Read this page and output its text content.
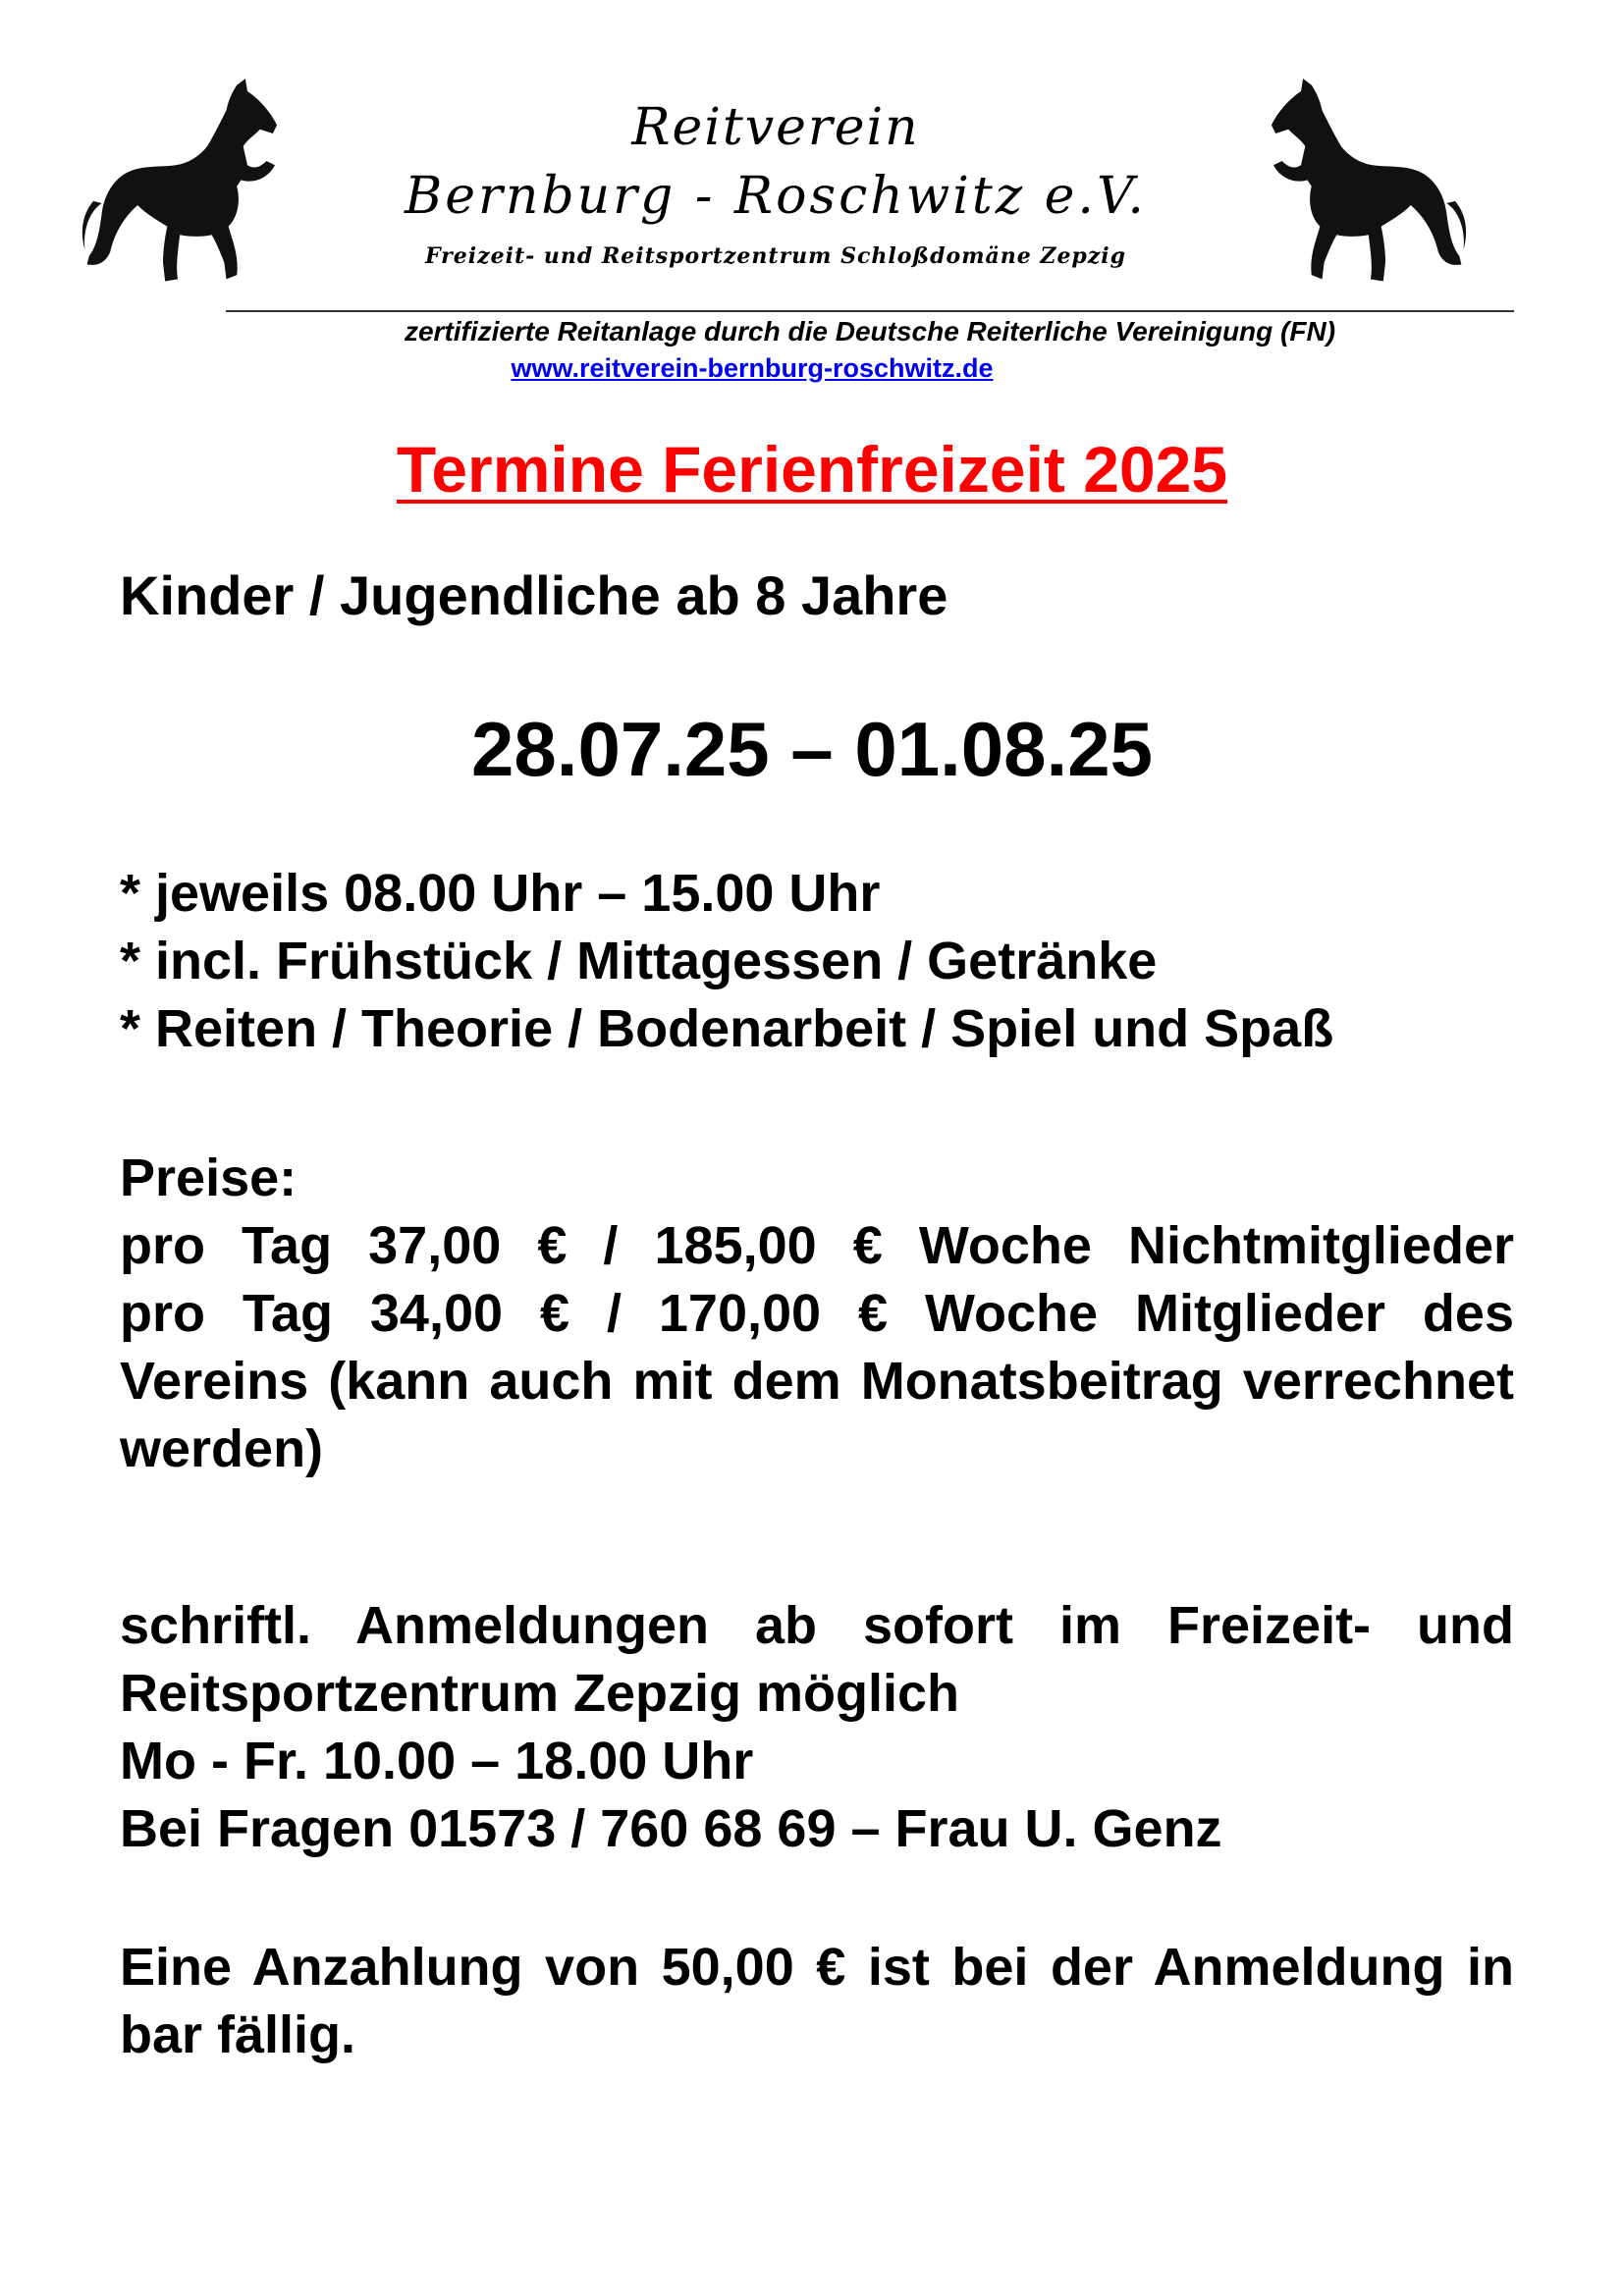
Reitverein
Bernburg - Roschwitz e.V.
Freizeit- und Reitsportzentrum Schloßdomäne Zepzig
zertifizierte Reitanlage durch die Deutsche Reiterliche Vereinigung (FN)
www.reitverein-bernburg-roschwitz.de
Termine Ferienfreizeit 2025
Kinder / Jugendliche ab 8 Jahre
28.07.25 – 01.08.25
* jeweils 08.00 Uhr – 15.00 Uhr
* incl. Frühstück / Mittagessen / Getränke
* Reiten / Theorie / Bodenarbeit / Spiel und Spaß
Preise:
pro Tag 37,00 € / 185,00 € Woche Nichtmitglieder
pro Tag 34,00 € / 170,00 € Woche Mitglieder des Vereins (kann auch mit dem Monatsbeitrag verrechnet werden)
schriftl. Anmeldungen ab sofort im Freizeit- und Reitsportzentrum Zepzig möglich
Mo - Fr. 10.00 – 18.00 Uhr
Bei Fragen 01573 / 760 68 69 – Frau U. Genz
Eine Anzahlung von 50,00 € ist bei der Anmeldung in bar fällig.
